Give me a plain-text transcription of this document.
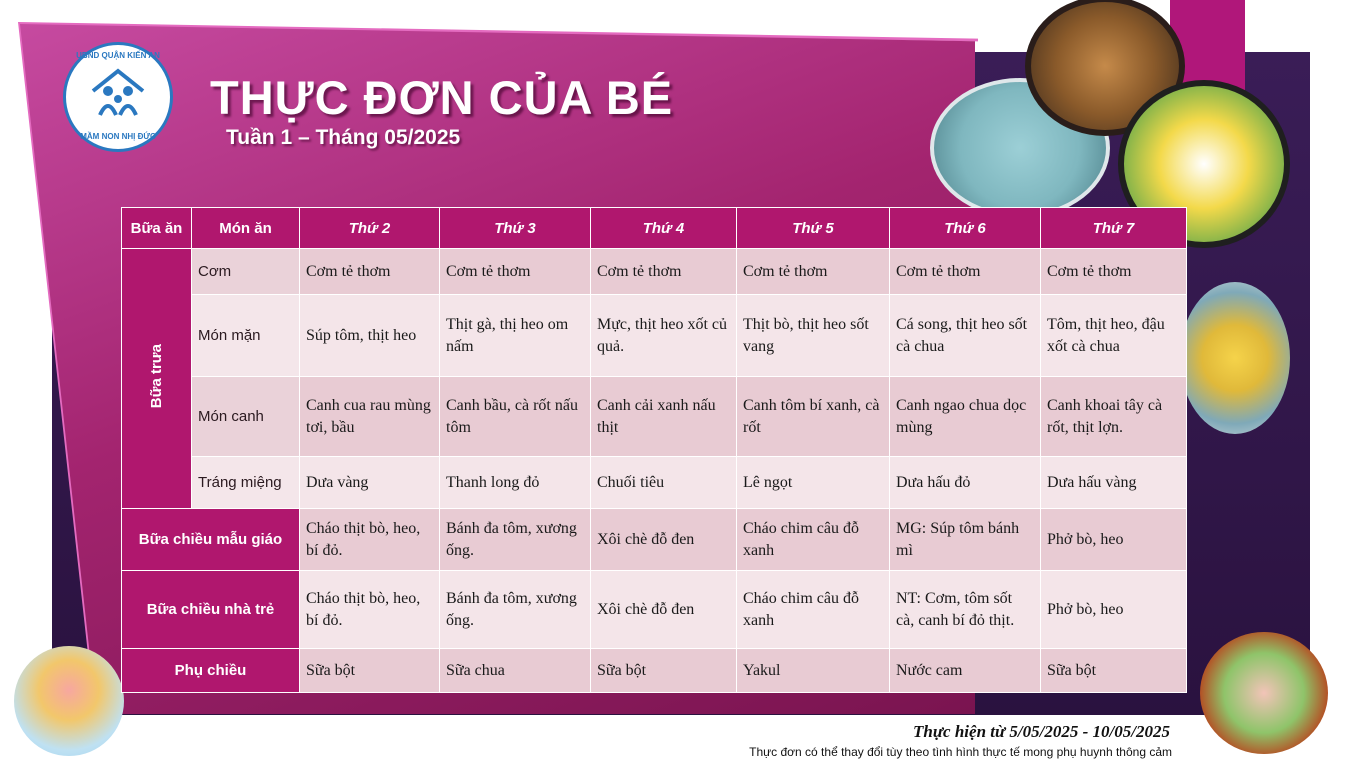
UBND QUẬN KIẾN AN
MẦM NON NHỊ ĐỨC
THỰC ĐƠN CỦA BÉ
Tuần 1 – Tháng 05/2025
Bữa ăn	Món ăn	Thứ 2	Thứ 3	Thứ 4	Thứ 5	Thứ 6	Thứ 7
Bữa trưa	Cơm	Cơm tẻ thơm	Cơm tẻ thơm	Cơm tẻ thơm	Cơm tẻ thơm	Cơm tẻ thơm	Cơm tẻ thơm
	Món mặn	Súp tôm, thịt heo	Thịt gà, thị heo om nấm	Mực, thịt heo xốt củ quả.	Thịt bò, thịt heo sốt vang	Cá song, thịt heo sốt cà chua	Tôm, thịt heo, đậu xốt cà chua
	Món canh	Canh cua rau mùng tơi, bầu	Canh bầu, cà rốt nấu tôm	Canh cải xanh nấu thịt	Canh tôm bí xanh, cà rốt	Canh ngao chua dọc mùng	Canh khoai tây cà rốt, thịt lợn.
	Tráng miệng	Dưa vàng	Thanh long đỏ	Chuối tiêu	Lê ngọt	Dưa hấu đỏ	Dưa hấu vàng
Bữa chiều mẫu giáo		Cháo thịt bò, heo, bí đỏ.	Bánh đa tôm, xương ống.	Xôi chè đỗ đen	Cháo chim câu đỗ xanh	MG: Súp tôm bánh mì	Phở bò, heo
Bữa chiều nhà trẻ		Cháo thịt bò, heo, bí đỏ.	Bánh đa tôm, xương ống.	Xôi chè đỗ đen	Cháo chim câu đỗ xanh	NT: Cơm, tôm sốt cà, canh bí đỏ thịt.	Phở bò, heo
Phụ chiều		Sữa bột	Sữa chua	Sữa bột	Yakul	Nước cam	Sữa bột
Thực hiện từ 5/05/2025 - 10/05/2025
Thực đơn có thể thay đổi tùy theo tình hình thực tế mong phụ huynh thông cảm
